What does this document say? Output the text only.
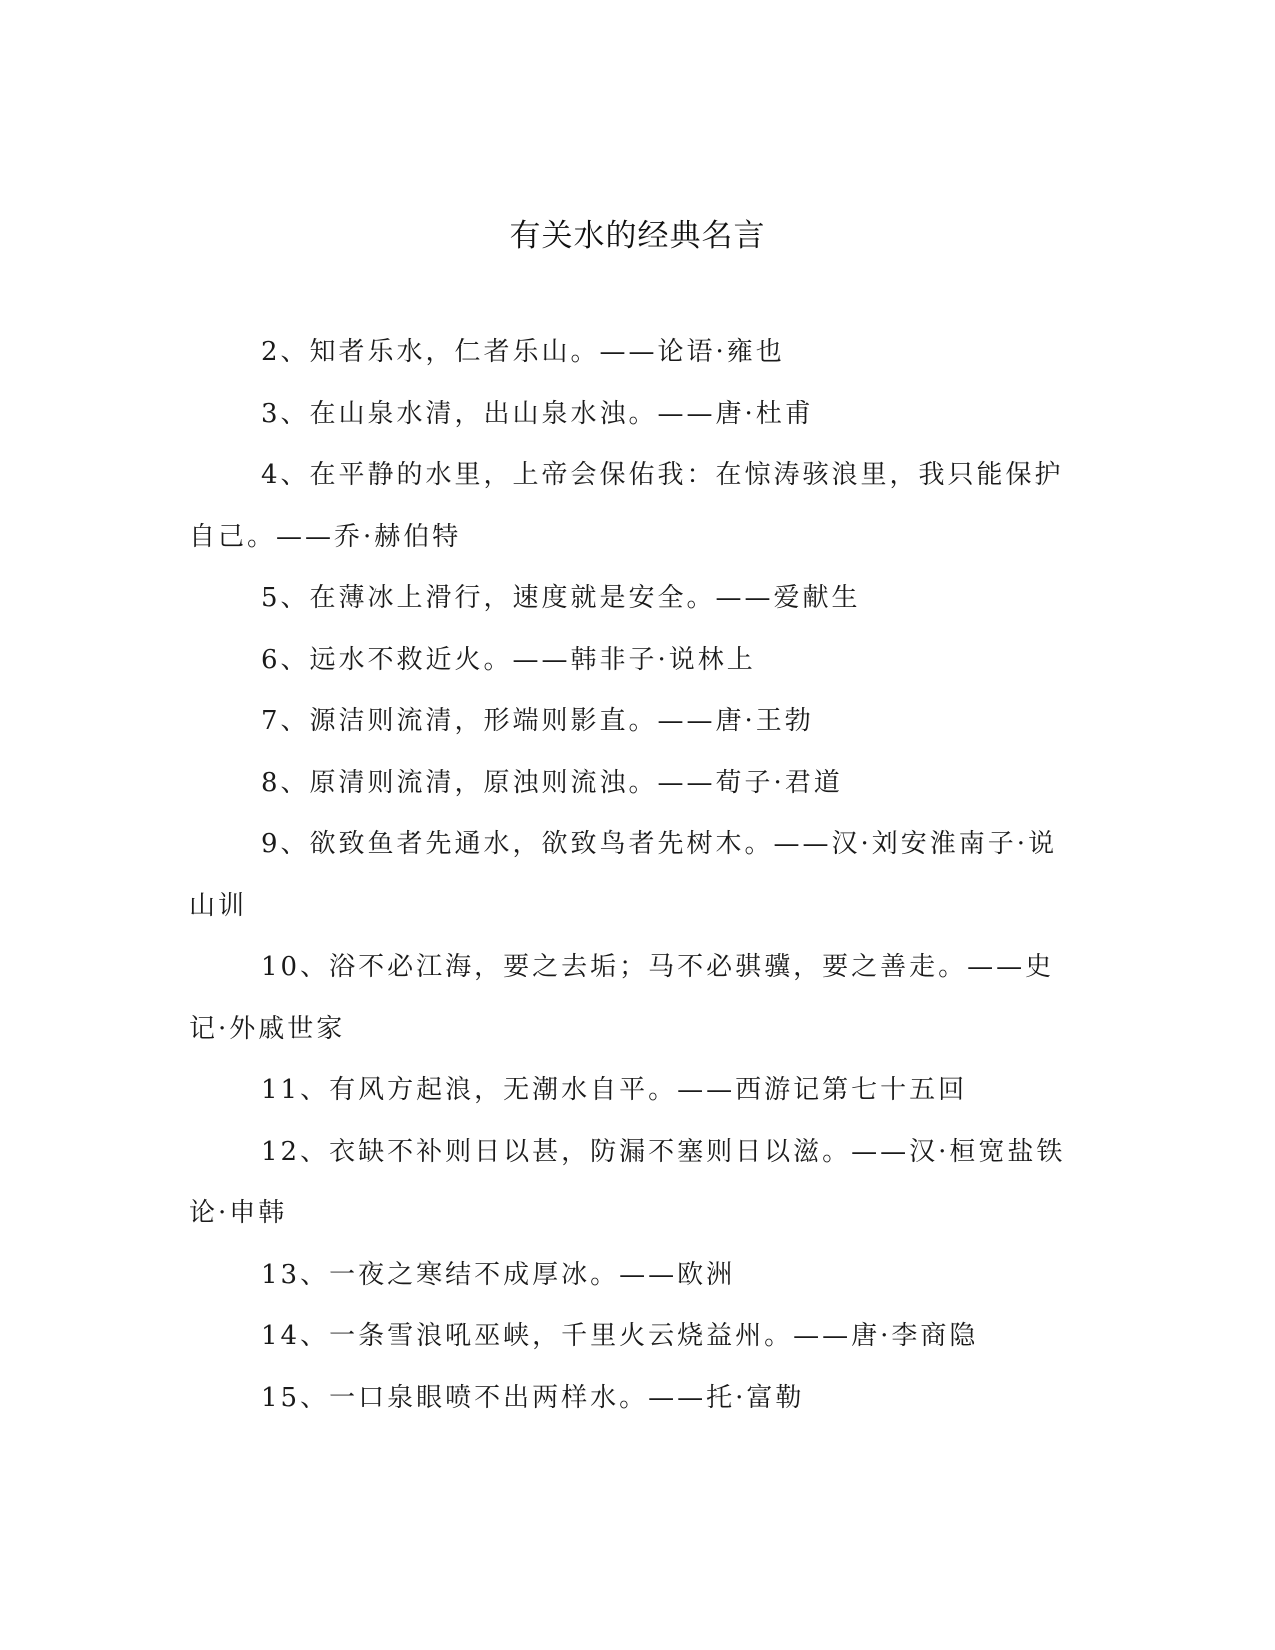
有关水的经典名言

2、知者乐水，仁者乐山。——论语·雍也

3、在山泉水清，出山泉水浊。——唐·杜甫

4、在平静的水里，上帝会保佑我：在惊涛骇浪里，我只能保护自己。——乔·赫伯特

5、在薄冰上滑行，速度就是安全。——爱献生

6、远水不救近火。——韩非子·说林上

7、源洁则流清，形端则影直。——唐·王勃

8、原清则流清，原浊则流浊。——荀子·君道

9、欲致鱼者先通水，欲致鸟者先树木。——汉·刘安淮南子·说山训

10、浴不必江海，要之去垢；马不必骐骥，要之善走。——史记·外戚世家

11、有风方起浪，无潮水自平。——西游记第七十五回

12、衣缺不补则日以甚，防漏不塞则日以滋。——汉·桓宽盐铁论·申韩

13、一夜之寒结不成厚冰。——欧洲

14、一条雪浪吼巫峡，千里火云烧益州。——唐·李商隐

15、一口泉眼喷不出两样水。——托·富勒
